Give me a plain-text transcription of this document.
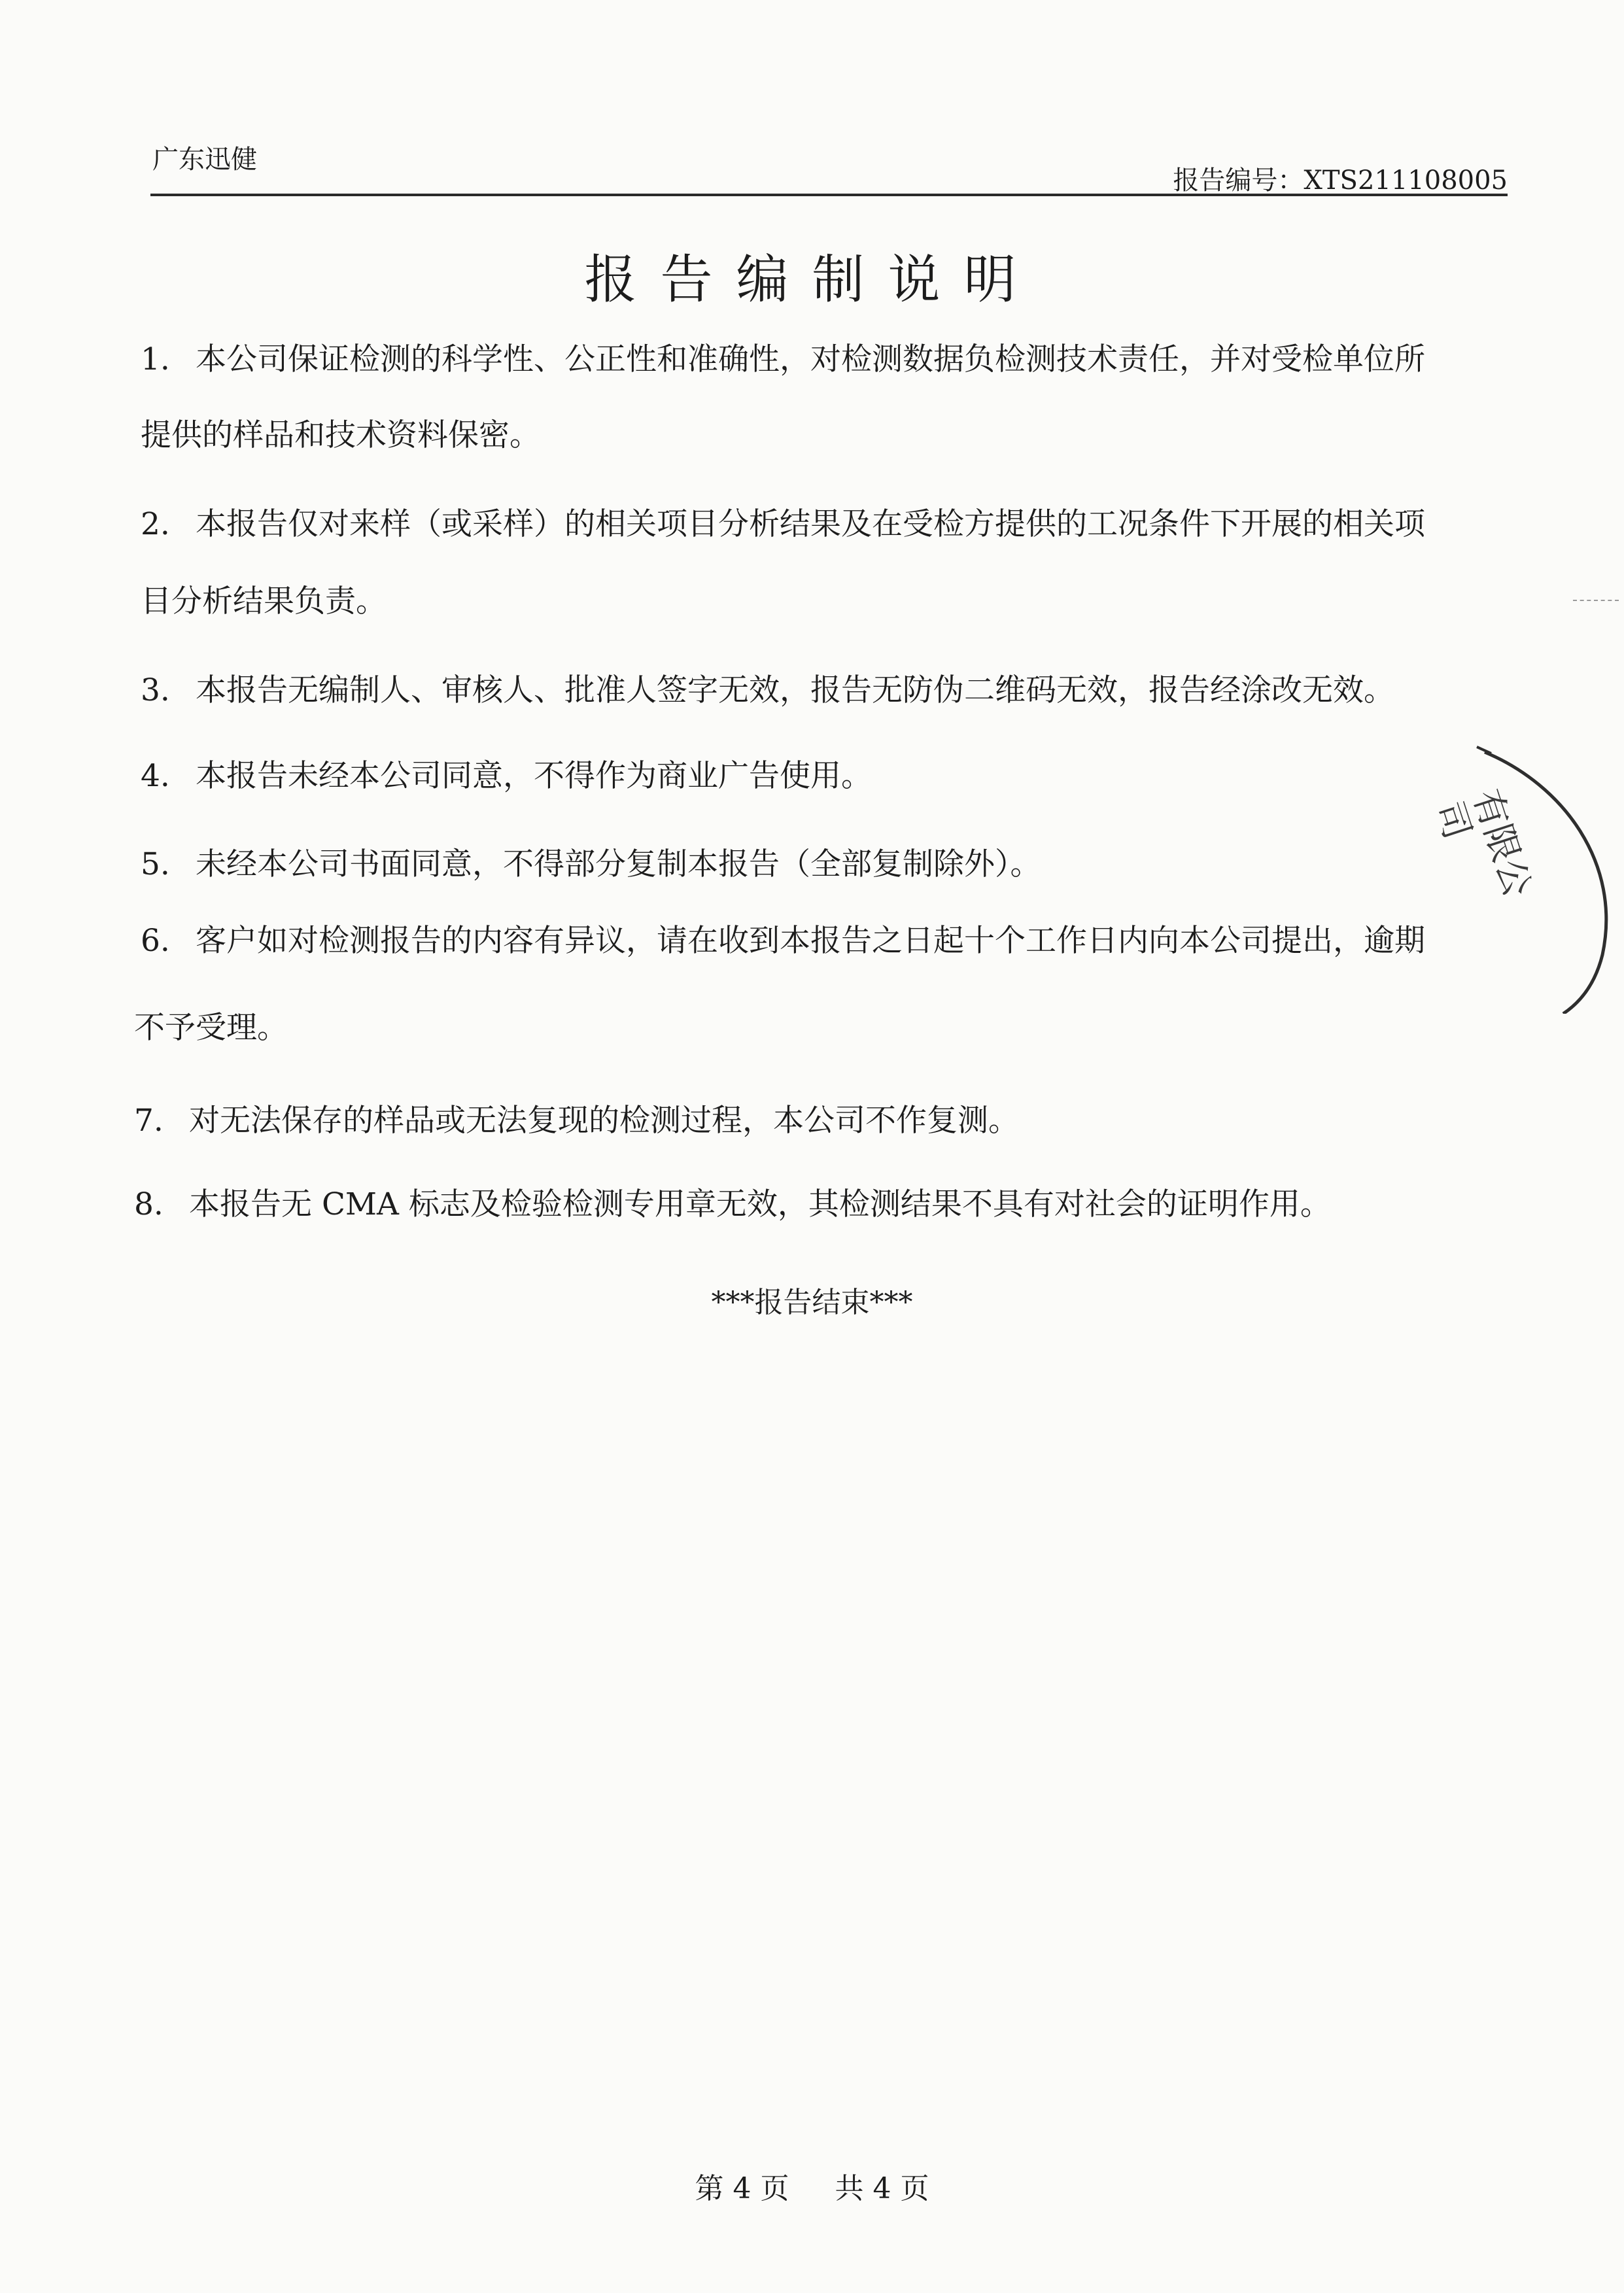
广东迅健
报告编号：XTS211108005
报告编制说明
1. 本公司保证检测的科学性、公正性和准确性，对检测数据负检测技术责任，并对受检单位所
提供的样品和技术资料保密。
2. 本报告仅对来样（或采样）的相关项目分析结果及在受检方提供的工况条件下开展的相关项
目分析结果负责。
3. 本报告无编制人、审核人、批准人签字无效，报告无防伪二维码无效，报告经涂改无效。
4. 本报告未经本公司同意，不得作为商业广告使用。
5. 未经本公司书面同意，不得部分复制本报告（全部复制除外）。
6. 客户如对检测报告的内容有异议，请在收到本报告之日起十个工作日内向本公司提出，逾期
不予受理。
7. 对无法保存的样品或无法复现的检测过程，本公司不作复测。
8. 本报告无 CMA 标志及检验检测专用章无效，其检测结果不具有对社会的证明作用。
***报告结束***
第 4 页 共 4 页
有限公司
